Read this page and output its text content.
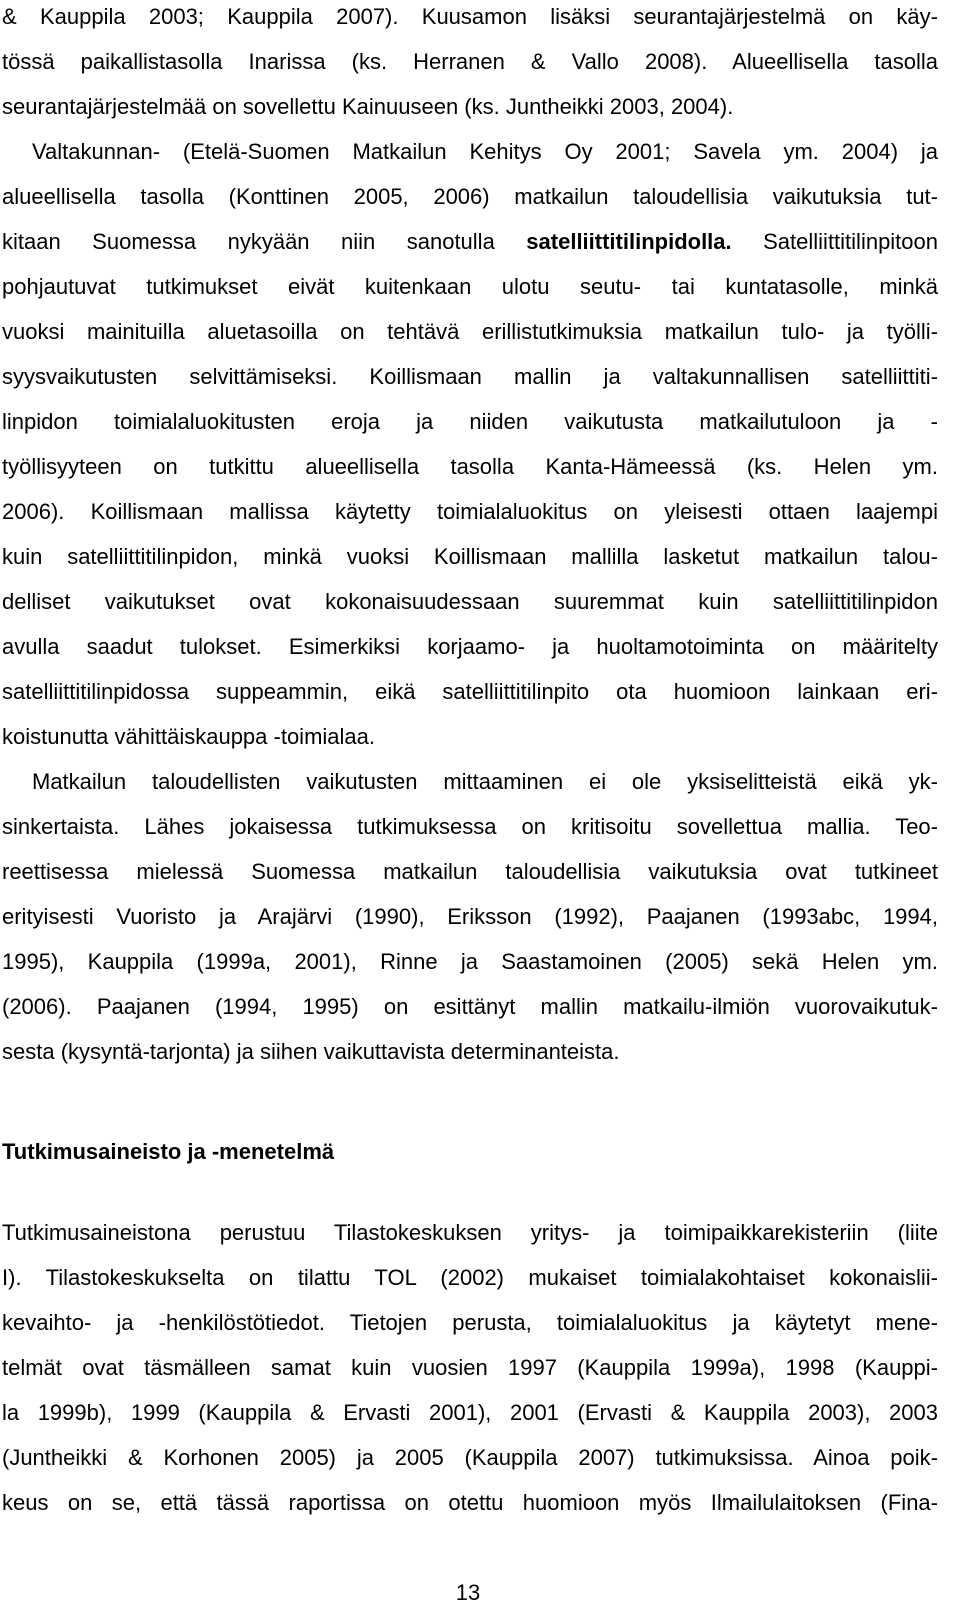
& Kauppila 2003; Kauppila 2007). Kuusamon lisäksi seurantajärjestelmä on käy-
tössä paikallistasolla Inarissa (ks. Herranen & Vallo 2008). Alueellisella tasolla
seurantajärjestelmää on sovellettu Kainuuseen (ks. Juntheikki 2003, 2004).
Valtakunnan- (Etelä-Suomen Matkailun Kehitys Oy 2001; Savela ym. 2004) ja
alueellisella tasolla (Konttinen 2005, 2006) matkailun taloudellisia vaikutuksia tut-
kitaan Suomessa nykyään niin sanotulla satelliittitilinpidolla. Satelliittitilinpitoon
pohjautuvat tutkimukset eivät kuitenkaan ulotu seutu- tai kuntatasolle, minkä
vuoksi mainituilla aluetasoilla on tehtävä erillistutkimuksia matkailun tulo- ja työlli-
syysvaikutusten selvittämiseksi. Koillismaan mallin ja valtakunnallisen satelliittiti-
linpidon toimialaluokitusten eroja ja niiden vaikutusta matkailutuloon ja -
työllisyyteen on tutkittu alueellisella tasolla Kanta-Hämeessä (ks. Helen ym.
2006). Koillismaan mallissa käytetty toimialaluokitus on yleisesti ottaen laajempi
kuin satelliittitilinpidon, minkä vuoksi Koillismaan mallilla lasketut matkailun talou-
delliset vaikutukset ovat kokonaisuudessaan suuremmat kuin satelliittitilinpidon
avulla saadut tulokset. Esimerkiksi korjaamo- ja huoltamotoiminta on määritelty
satelliittitilinpidossa suppeammin, eikä satelliittitilinpito ota huomioon lainkaan eri-
koistunutta vähittäiskauppa -toimialaa.
Matkailun taloudellisten vaikutusten mittaaminen ei ole yksiselitteistä eikä yk-
sinkertaista. Lähes jokaisessa tutkimuksessa on kritisoitu sovellettua mallia. Teo-
reettisessa mielessä Suomessa matkailun taloudellisia vaikutuksia ovat tutkineet
erityisesti Vuoristo ja Arajärvi (1990), Eriksson (1992), Paajanen (1993abc, 1994,
1995), Kauppila (1999a, 2001), Rinne ja Saastamoinen (2005) sekä Helen ym.
(2006). Paajanen (1994, 1995) on esittänyt mallin matkailu-ilmiön vuorovaikutuk-
sesta (kysyntä-tarjonta) ja siihen vaikuttavista determinanteista.
Tutkimusaineisto ja -menetelmä
Tutkimusaineistona perustuu Tilastokeskuksen yritys- ja toimipaikkarekisteriin (liite
I). Tilastokeskukselta on tilattu TOL (2002) mukaiset toimialakohtaiset kokonaislii-
kevaihto- ja -henkilöstötiedot. Tietojen perusta, toimialaluokitus ja käytetyt mene-
telmät ovat täsmälleen samat kuin vuosien 1997 (Kauppila 1999a), 1998 (Kauppi-
la 1999b), 1999 (Kauppila & Ervasti 2001), 2001 (Ervasti & Kauppila 2003), 2003
(Juntheikki & Korhonen 2005) ja 2005 (Kauppila 2007) tutkimuksissa. Ainoa poik-
keus on se, että tässä raportissa on otettu huomioon myös Ilmailulaitoksen (Fina-
13
